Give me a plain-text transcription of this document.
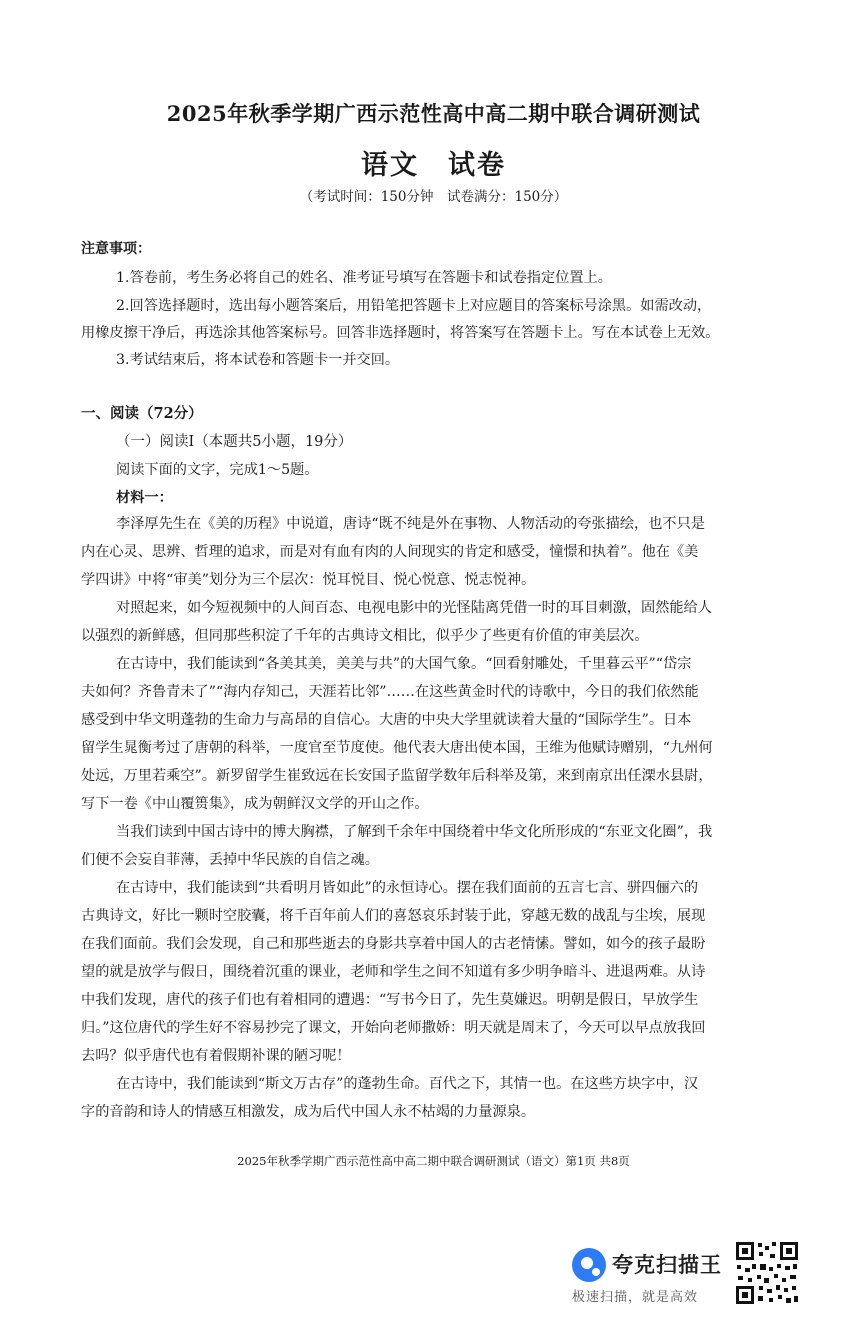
2025年秋季学期广西示范性高中高二期中联合调研测试
语文　试卷
（考试时间：150分钟　试卷满分：150分）
注意事项：
1.答卷前，考生务必将自己的姓名、准考证号填写在答题卡和试卷指定位置上。
2.回答选择题时，选出每小题答案后，用铅笔把答题卡上对应题目的答案标号涂黑。如需改动，
用橡皮擦干净后，再选涂其他答案标号。回答非选择题时，将答案写在答题卡上。写在本试卷上无效。
3.考试结束后，将本试卷和答题卡一并交回。
一、阅读（72分）
（一）阅读Ⅰ（本题共5小题，19分）
阅读下面的文字，完成1～5题。
材料一：
李泽厚先生在《美的历程》中说道，唐诗“既不纯是外在事物、人物活动的夸张描绘，也不只是
内在心灵、思辨、哲理的追求，而是对有血有肉的人间现实的肯定和感受，憧憬和执着”。他在《美
学四讲》中将“审美”划分为三个层次：悦耳悦目、悦心悦意、悦志悦神。
对照起来，如今短视频中的人间百态、电视电影中的光怪陆离凭借一时的耳目刺激，固然能给人
以强烈的新鲜感，但同那些积淀了千年的古典诗文相比，似乎少了些更有价值的审美层次。
在古诗中，我们能读到“各美其美，美美与共”的大国气象。“回看射雕处，千里暮云平”“岱宗
夫如何？齐鲁青未了”“海内存知己，天涯若比邻”……在这些黄金时代的诗歌中，今日的我们依然能
感受到中华文明蓬勃的生命力与高昂的自信心。大唐的中央大学里就读着大量的“国际学生”。日本
留学生晁衡考过了唐朝的科举，一度官至节度使。他代表大唐出使本国，王维为他赋诗赠别，“九州何
处远，万里若乘空”。新罗留学生崔致远在长安国子监留学数年后科举及第，来到南京出任溧水县尉，
写下一卷《中山覆篑集》，成为朝鲜汉文学的开山之作。
当我们读到中国古诗中的博大胸襟，了解到千余年中国绕着中华文化所形成的“东亚文化圈”，我
们便不会妄自菲薄，丢掉中华民族的自信之魂。
在古诗中，我们能读到“共看明月皆如此”的永恒诗心。摆在我们面前的五言七言、骈四俪六的
古典诗文，好比一颗时空胶囊，将千百年前人们的喜怒哀乐封装于此，穿越无数的战乱与尘埃，展现
在我们面前。我们会发现，自己和那些逝去的身影共享着中国人的古老情愫。譬如，如今的孩子最盼
望的就是放学与假日，围绕着沉重的课业，老师和学生之间不知道有多少明争暗斗、进退两难。从诗
中我们发现，唐代的孩子们也有着相同的遭遇：“写书今日了，先生莫嫌迟。明朝是假日，早放学生
归。”这位唐代的学生好不容易抄完了课文，开始向老师撒娇：明天就是周末了，今天可以早点放我回
去吗？似乎唐代也有着假期补课的陋习呢！
在古诗中，我们能读到“斯文万古存”的蓬勃生命。百代之下，其情一也。在这些方块字中，汉
字的音韵和诗人的情感互相激发，成为后代中国人永不枯竭的力量源泉。
2025年秋季学期广西示范性高中高二期中联合调研测试（语文）第1页 共8页
夸克扫描王
极速扫描，就是高效
